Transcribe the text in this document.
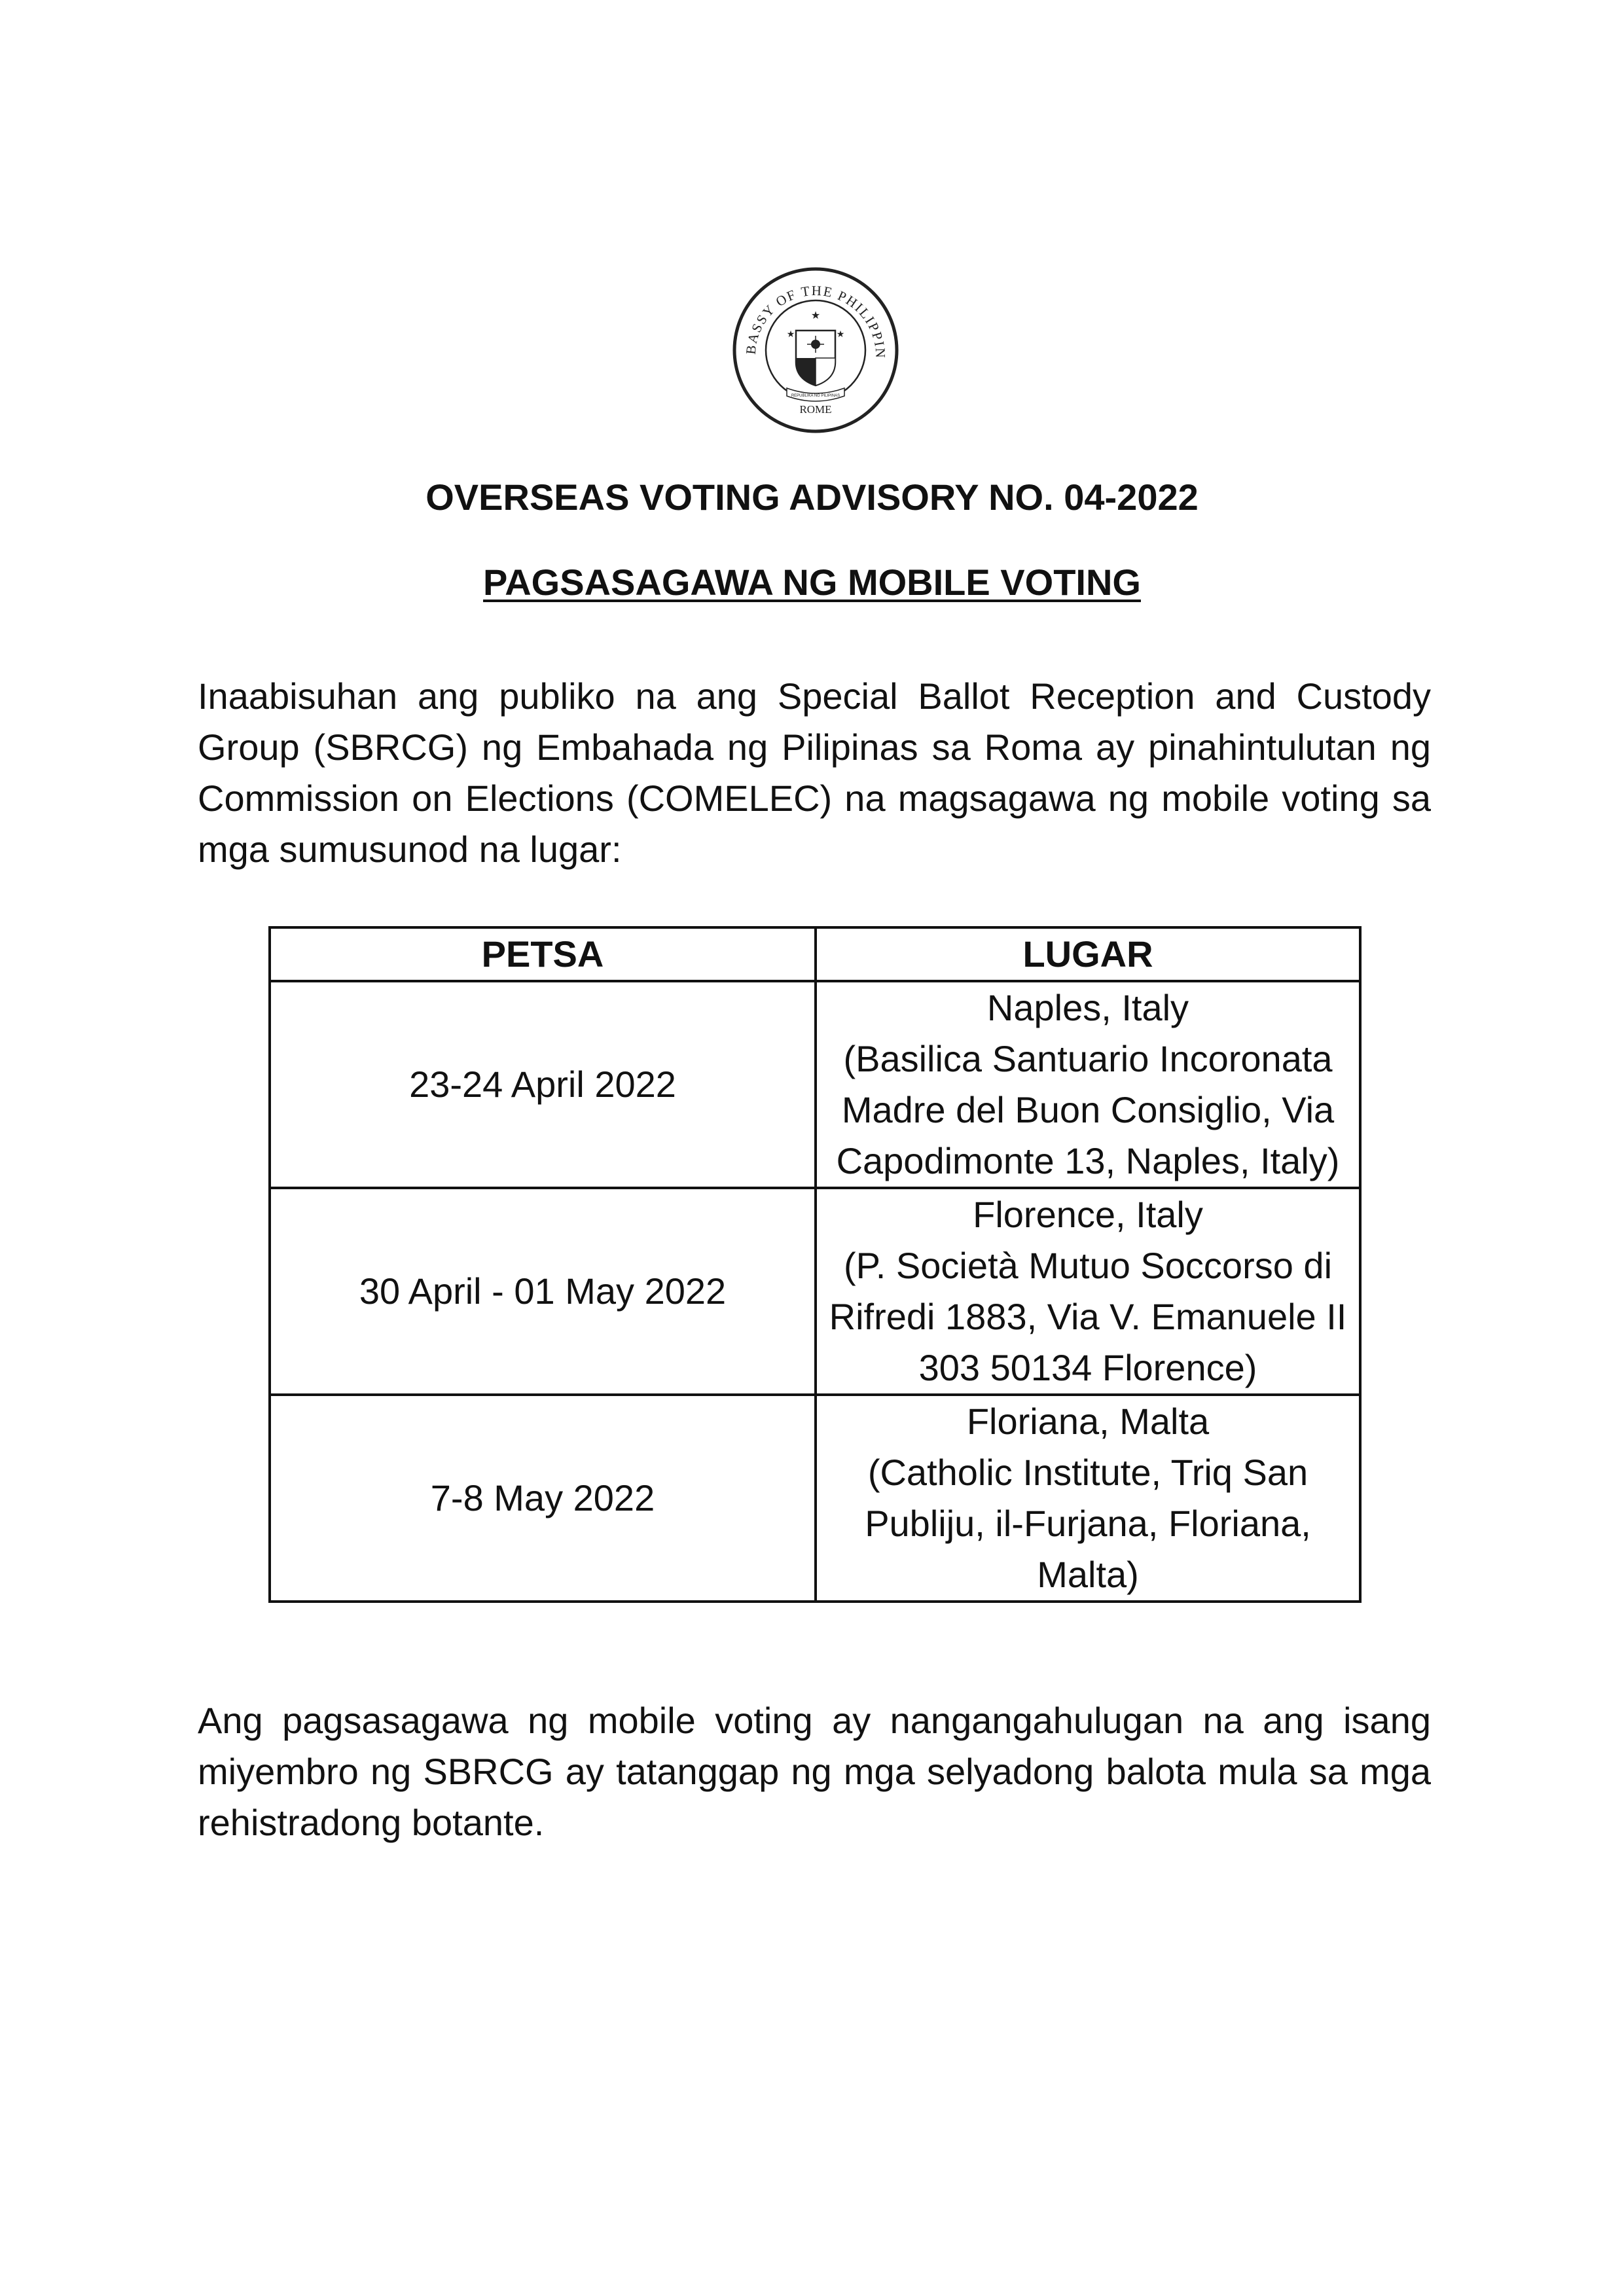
BASSY OF THE PHILIPPIN
ROME
★
★	★
REPUBLIKA NG PILIPINAS
OVERSEAS VOTING ADVISORY NO. 04-2022
PAGSASAGAWA NG MOBILE VOTING

Inaabisuhan ang publiko na ang Special Ballot Reception and Custody Group (SBRCG) ng Embahada ng Pilipinas sa Roma ay pinahintulutan ng Commission on Elections (COMELEC) na magsagawa ng mobile voting sa mga sumusunod na lugar:

PETSA	LUGAR
23-24 April 2022	Naples, Italy
(Basilica Santuario Incoronata Madre del Buon Consiglio, Via Capodimonte 13, Naples, Italy)

30 April - 01 May 2022	Florence, Italy
(P. Società Mutuo Soccorso di Rifredi 1883, Via V. Emanuele II 303 50134 Florence)

7-8 May 2022	Floriana, Malta
(Catholic Institute, Triq San Publiju, il-Furjana, Floriana, Malta)

Ang pagsasagawa ng mobile voting ay nangangahulugan na ang isang miyembro ng SBRCG ay tatanggap ng mga selyadong balota mula sa mga rehistradong botante.
